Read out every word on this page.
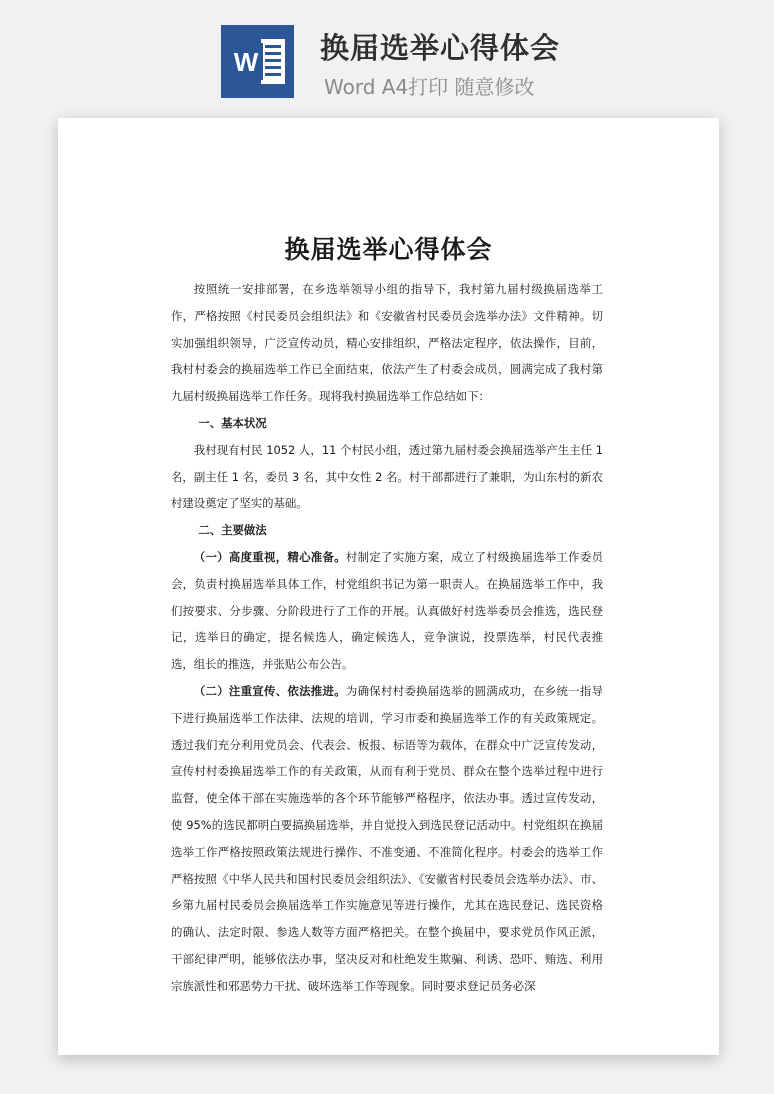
W 换届选举心得体会
Word A4打印 随意修改
换届选举心得体会

按照统一安排部署，在乡选举领导小组的指导下，我村第九届村级换届选举工作，严格按照《村民委员会组织法》和《安徽省村民委员会选举办法》文件精神。切实加强组织领导，广泛宣传动员，精心安排组织，严格法定程序，依法操作，目前，我村村委会的换届选举工作已全面结束，依法产生了村委会成员，圆满完成了我村第九届村级换届选举工作任务。现将我村换届选举工作总结如下：

一、基本状况

我村现有村民 1052 人，11 个村民小组，透过第九届村委会换届选举产生主任 1 名，副主任 1 名，委员 3 名，其中女性 2 名。村干部都进行了兼职，为山东村的新农村建设奠定了坚实的基础。

二、主要做法

（一）高度重视，精心准备。村制定了实施方案，成立了村级换届选举工作委员会，负责村换届选举具体工作，村党组织书记为第一职责人。在换届选举工作中，我们按要求、分步骤、分阶段进行了工作的开展。认真做好村选举委员会推选，选民登记，选举日的确定，提名候选人，确定候选人，竞争演说，投票选举，村民代表推选，组长的推选，并张贴公布公告。

（二）注重宣传、依法推进。为确保村村委换届选举的圆满成功，在乡统一指导下进行换届选举工作法律、法规的培训，学习市委和换届选举工作的有关政策规定。透过我们充分利用党员会、代表会、板报、标语等为载体，在群众中广泛宣传发动，宣传村村委换届选举工作的有关政策，从而有利于党员、群众在整个选举过程中进行监督，使全体干部在实施选举的各个环节能够严格程序，依法办事。透过宣传发动，使 95%的选民都明白要搞换届选举，并自觉投入到选民登记活动中。村党组织在换届选举工作严格按照政策法规进行操作、不准变通、不准简化程序。村委会的选举工作严格按照《中华人民共和国村民委员会组织法》、《安徽省村民委员会选举办法》、市、乡第九届村民委员会换届选举工作实施意见等进行操作，尤其在选民登记、选民资格的确认、法定时限、参选人数等方面严格把关。在整个换届中，要求党员作风正派，干部纪律严明，能够依法办事，坚决反对和杜绝发生欺骗、利诱、恐吓、贿选、利用宗族派性和邪恶势力干扰、破坏选举工作等现象。同时要求登记员务必深
